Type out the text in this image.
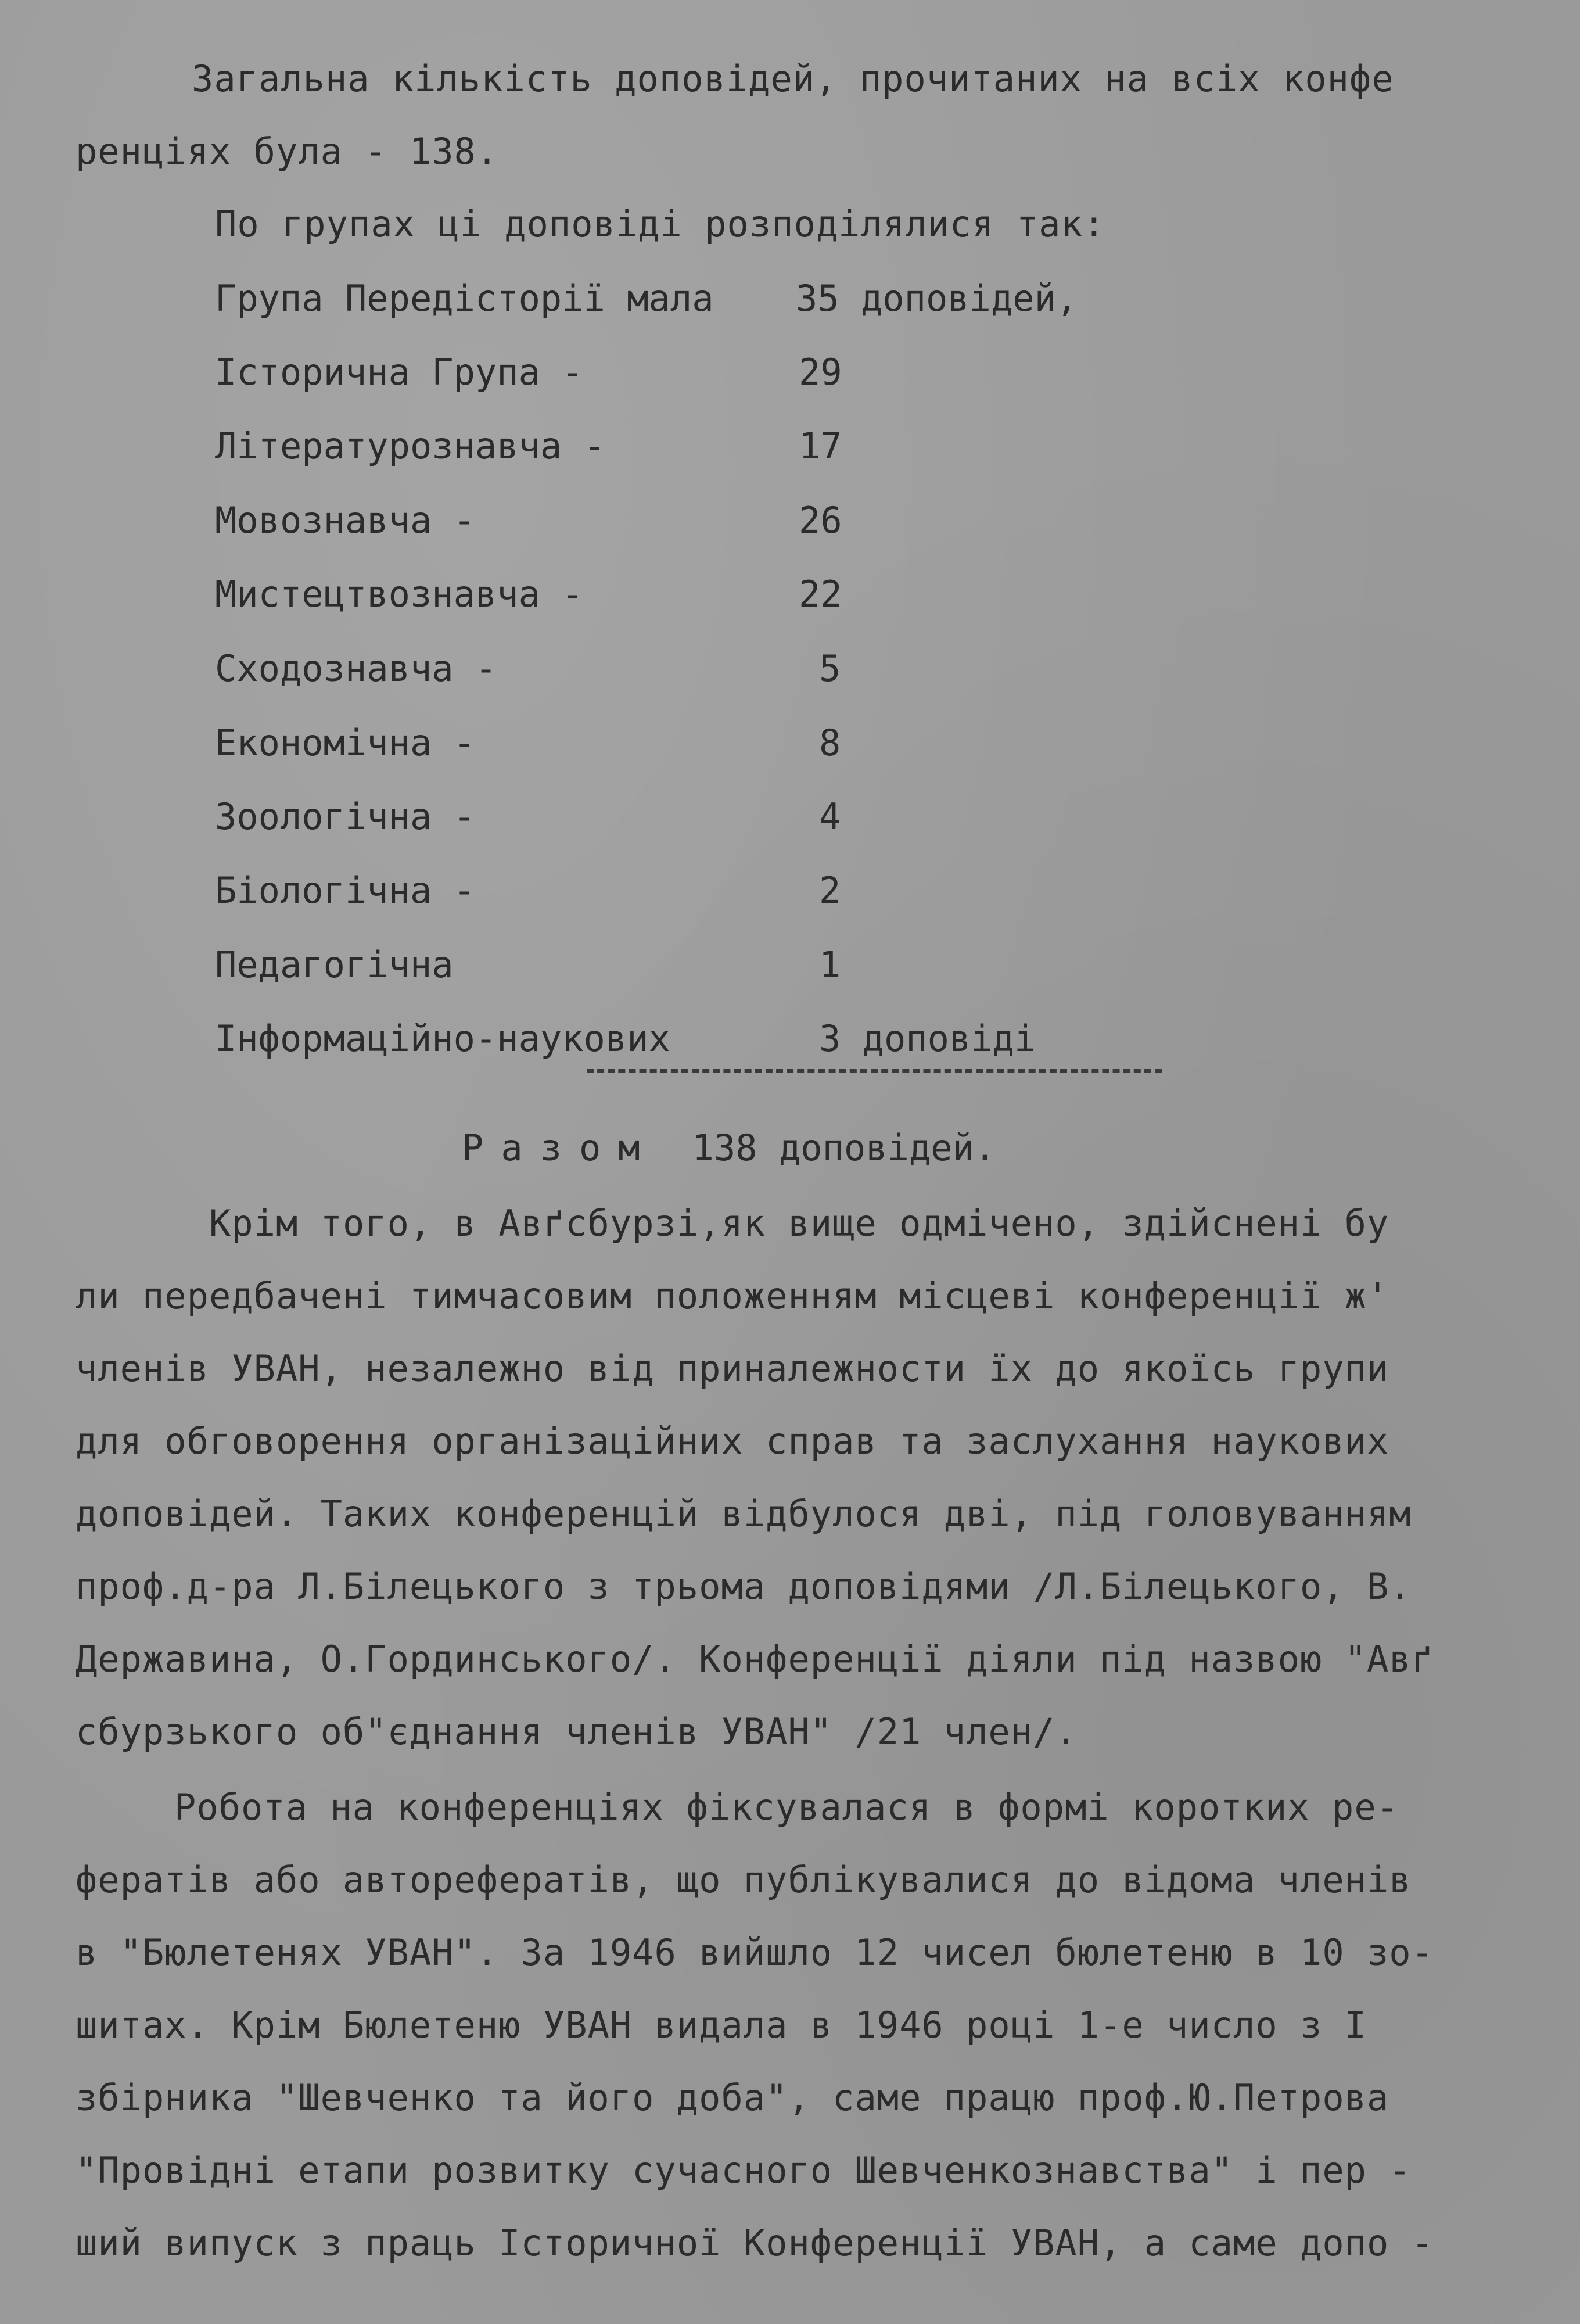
Загальна кількість доповідей, прочитаних на всіх конфе
ренціях була - 138.
По групах ці доповіді розподілялися так:
Група Передісторії мала 35 доповідей,
Історична Група -	29
Літературознавча -	17
Мовознавча -	26
Мистецтвознавча -	22
Сходознавча -	5
Економічна -	8
Зоологічна -	4
Біологічна -	2
Педагогічна	1
Інформаційно-наукових	3 доповіді
Разом 138 доповідей.
Крім того, в Авґсбурзі,як вище одмічено, здійснені бу
ли передбачені тимчасовим положенням місцеві конференції ж'
членів УВАН, незалежно від приналежности їх до якоїсь групи
для обговорення організаційних справ та заслухання наукових
доповідей. Таких конференцій відбулося дві, під головуванням
проф.д-ра Л.Білецького з трьома доповідями /Л.Білецького, В.
Державина, О.Гординського/. Конференції діяли під назвою "Авґ
сбурзького об"єднання членів УВАН" /21 член/.
Робота на конференціях фіксувалася в формі коротких ре-
фератів або авторефератів, що публікувалися до відома членів
в "Бюлетенях УВАН". За 1946 вийшло 12 чисел бюлетеню в 10 зо-
шитах. Крім Бюлетеню УВАН видала в 1946 році 1-е число з I
збірника "Шевченко та його доба", саме працю проф.Ю.Петрова
"Провідні етапи розвитку сучасного Шевченкознавства" і пер -
ший випуск з праць Історичної Конференції УВАН, а саме допо -
